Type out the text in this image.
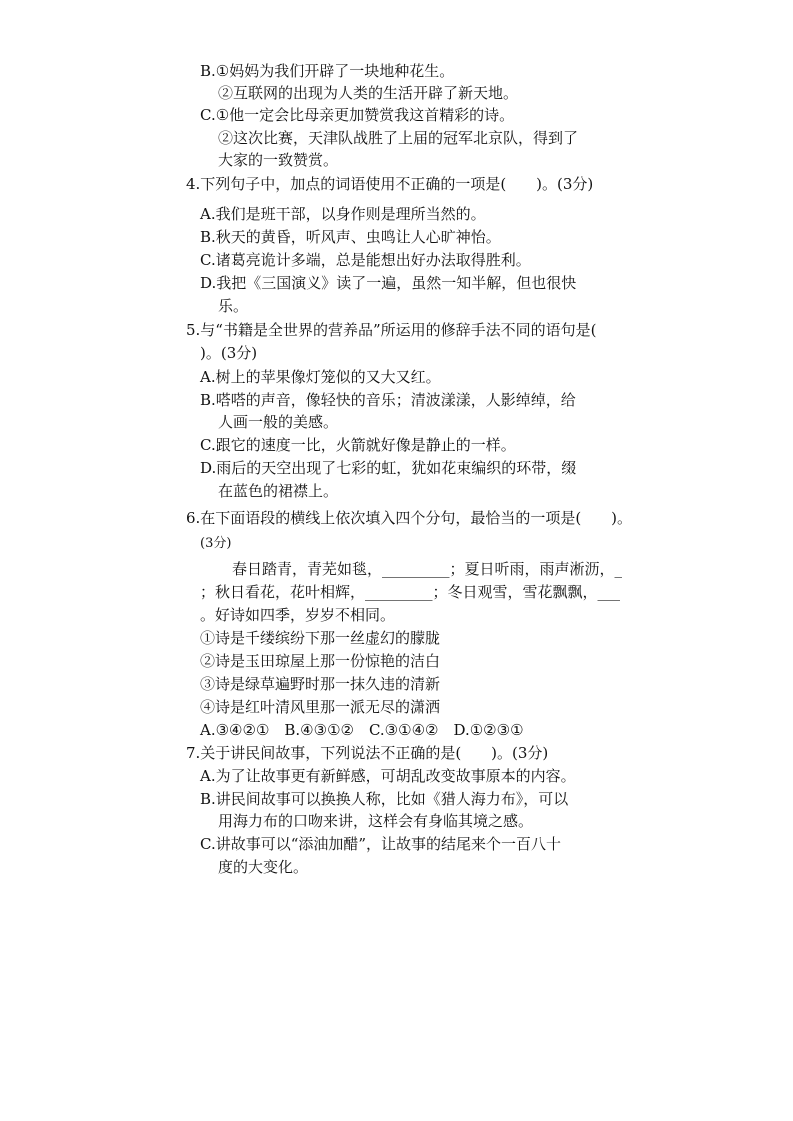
B.①妈妈为我们开辟了一块地种花生。
②互联网的出现为人类的生活开辟了新天地。
C.①他一定会比母亲更加赞赏我这首精彩的诗。
②这次比赛，天津队战胜了上届的冠军北京队，得到了
大家的一致赞赏。
4.下列句子中，加点的词语使用不正确的一项是(　　)。(3分)
A.我们是班干部，以身作则是理所当然的。
B.秋天的黄昏，听风声、虫鸣让人心旷神怡。
C.诸葛亮诡计多端，总是能想出好办法取得胜利。
D.我把《三国演义》读了一遍，虽然一知半解，但也很快
乐。
5.与“书籍是全世界的营养品”所运用的修辞手法不同的语句是(
)。(3分)
A.树上的苹果像灯笼似的又大又红。
B.嗒嗒的声音，像轻快的音乐；清波漾漾，人影绰绰，给
人画一般的美感。
C.跟它的速度一比，火箭就好像是静止的一样。
D.雨后的天空出现了七彩的虹，犹如花束编织的环带，缀
在蓝色的裙襟上。
6.在下面语段的横线上依次填入四个分句，最恰当的一项是(　　)。
(3分)
春日踏青，青芜如毯，_________；夏日听雨，雨声淅沥，_
；秋日看花，花叶相辉，_________；冬日观雪，雪花飘飘，___
。好诗如四季，岁岁不相同。
①诗是千缕缤纷下那一丝虚幻的朦胧
②诗是玉田琼屋上那一份惊艳的洁白
③诗是绿草遍野时那一抹久违的清新
④诗是红叶清风里那一派无尽的潇洒
A.③④②①　B.④③①②　C.③①④②　D.①②③①
7.关于讲民间故事，下列说法不正确的是(　　)。(3分)
A.为了让故事更有新鲜感，可胡乱改变故事原本的内容。
B.讲民间故事可以换换人称，比如《猎人海力布》，可以
用海力布的口吻来讲，这样会有身临其境之感。
C.讲故事可以“添油加醋”，让故事的结尾来个一百八十
度的大变化。
